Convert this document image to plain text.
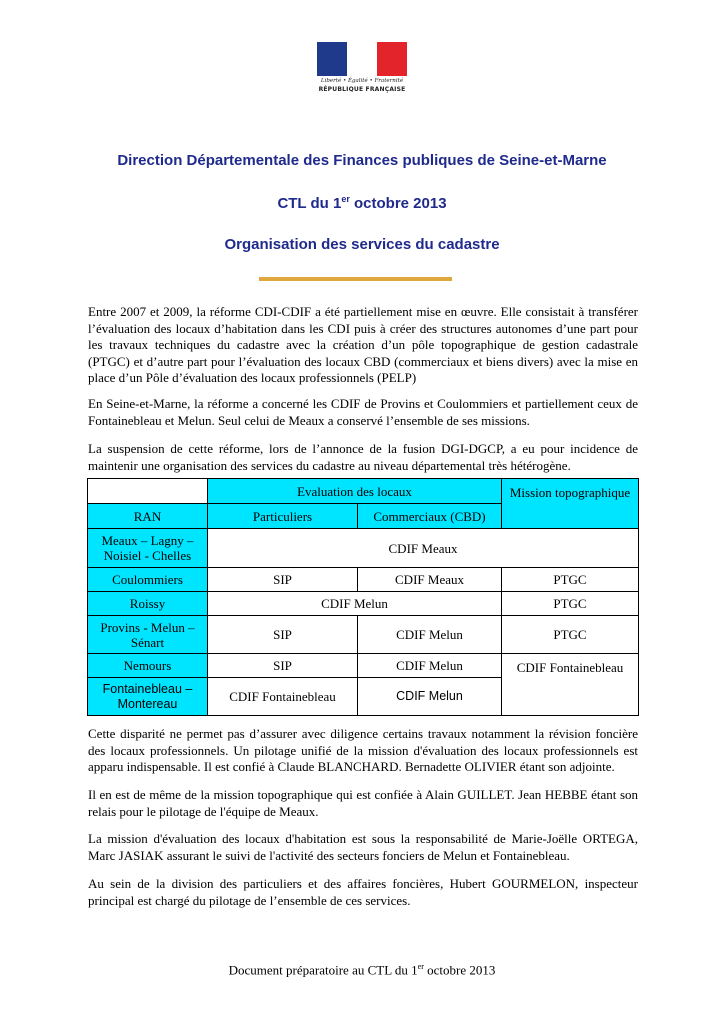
Liberté • Égalité • Fraternité
RÉPUBLIQUE FRANÇAISE
Direction Départementale des Finances publiques de Seine-et-Marne
CTL du 1er octobre 2013
Organisation des services du cadastre

Entre 2007 et 2009, la réforme CDI-CDIF a été partiellement mise en œuvre. Elle consistait à transférer l’évaluation des locaux d’habitation dans les CDI puis à créer des structures autonomes d’une part pour les travaux techniques du cadastre avec la création d’un pôle topographique de gestion cadastrale (PTGC) et d’autre part pour l’évaluation des locaux CBD (commerciaux et biens divers) avec la mise en place d’un Pôle d’évaluation des locaux professionnels (PELP)

En Seine-et-Marne, la réforme a concerné les CDIF de Provins et Coulommiers et partiellement ceux de Fontainebleau et Melun. Seul celui de Meaux a conservé l’ensemble de ses missions.

La suspension de cette réforme, lors de l’annonce de la fusion DGI-DGCP, a eu pour incidence de maintenir une organisation des services du cadastre au niveau départemental très hétérogène.

	Evaluation des locaux		Mission topographique
RAN	Particuliers	Commerciaux (CBD)	
Meaux – Lagny – Noisiel - Chelles	CDIF Meaux		
Coulommiers	SIP	CDIF Meaux	PTGC
Roissy	CDIF Melun		PTGC
Provins - Melun – Sénart	SIP	CDIF Melun	PTGC
Nemours	SIP	CDIF Melun	CDIF Fontainebleau
Fontainebleau – Montereau	CDIF Fontainebleau	CDIF Melun	

Cette disparité ne permet pas d’assurer avec diligence certains travaux notamment la révision foncière des locaux professionnels. Un pilotage unifié de la mission d'évaluation des locaux professionnels est apparu indispensable. Il est confié à Claude BLANCHARD. Bernadette OLIVIER étant son adjointe.

Il en est de même de la mission topographique qui est confiée à Alain GUILLET. Jean HEBBE étant son relais pour le pilotage de l'équipe de Meaux.

La mission d'évaluation des locaux d'habitation est sous la responsabilité de Marie-Joëlle ORTEGA, Marc JASIAK assurant le suivi de l'activité des secteurs fonciers de Melun et Fontainebleau.

Au sein de la division des particuliers et des affaires foncières, Hubert GOURMELON, inspecteur principal est chargé du pilotage de l’ensemble de ces services.

Document préparatoire au CTL du 1er octobre 2013
